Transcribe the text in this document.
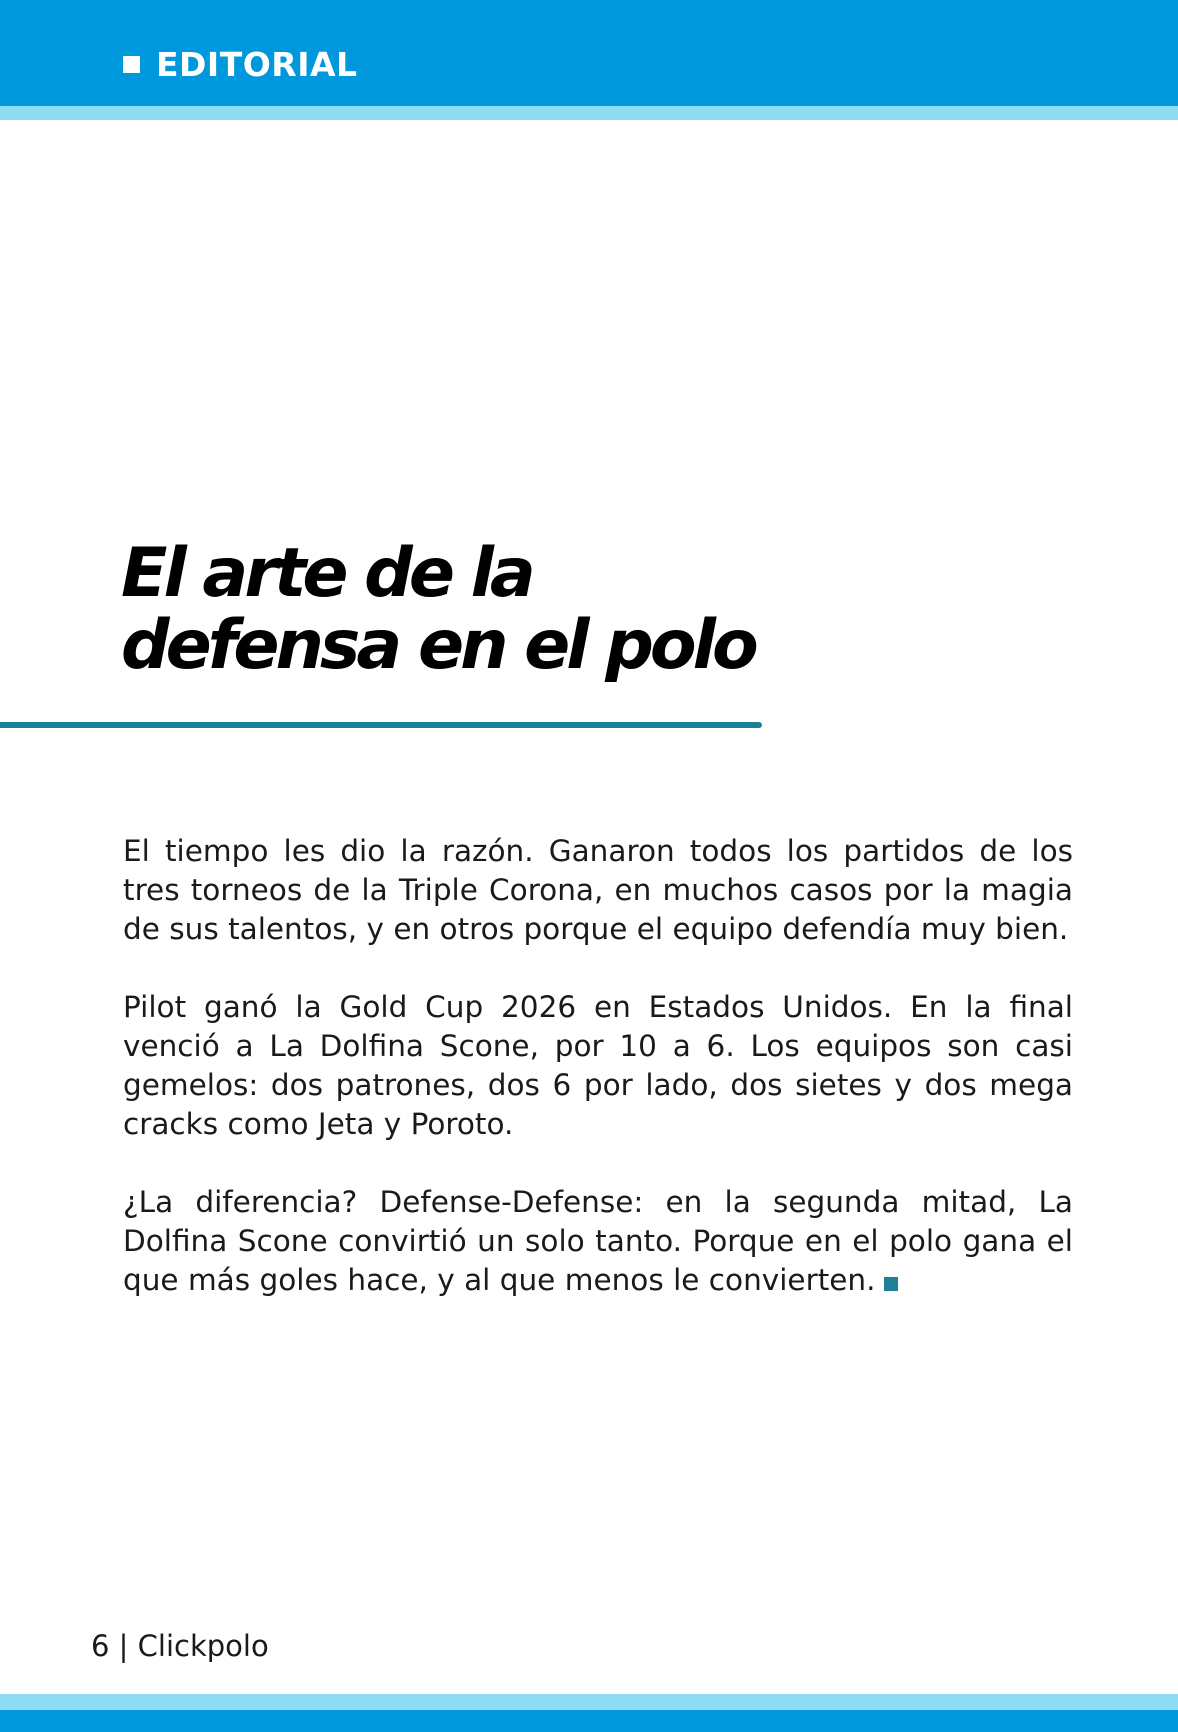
EDITORIAL
El arte de la
defensa en el polo

El tiempo les dio la razón. Ganaron todos los partidos de los tres torneos de la Triple Corona, en muchos casos por la magia de sus talentos, y en otros porque el equipo defendía muy bien.

Pilot ganó la Gold Cup 2026 en Estados Unidos. En la final venció a La Dolfina Scone, por 10 a 6. Los equipos son casi gemelos: dos patrones, dos 6 por lado, dos sietes y dos mega cracks como Jeta y Poroto.

¿La diferencia? Defense-Defense: en la segunda mitad, La Dolfina Scone convirtió un solo tanto. Porque en el polo gana el que más goles hace, y al que menos le convierten.

6 | Clickpolo
